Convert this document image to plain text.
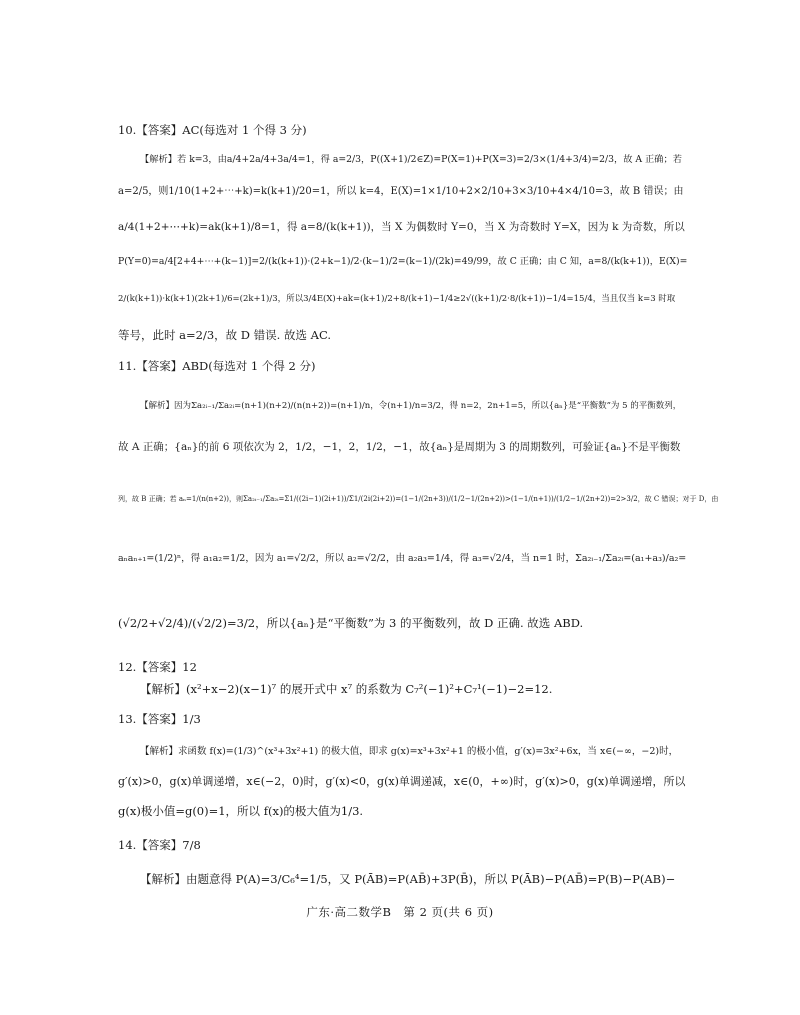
10.【答案】AC(每选对 1 个得 3 分)
【解析】若 k=3，由a/4+2a/4+3a/4=1，得 a=2/3，P((X+1)/2∈Z)=P(X=1)+P(X=3)=2/3×(1/4+3/4)=2/3，故 A 正确；若
a=2/5，则1/10(1+2+⋯+k)=k(k+1)/20=1，所以 k=4，E(X)=1×1/10+2×2/10+3×3/10+4×4/10=3，故 B 错误；由
a/4(1+2+⋯+k)=ak(k+1)/8=1，得 a=8/(k(k+1))，当 X 为偶数时 Y=0，当 X 为奇数时 Y=X，因为 k 为奇数，所以
P(Y=0)=a/4[2+4+⋯+(k−1)]=2/(k(k+1))·(2+k−1)/2·(k−1)/2=(k−1)/(2k)=49/99，故 C 正确；由 C 知，a=8/(k(k+1))，E(X)=
2/(k(k+1))·k(k+1)(2k+1)/6=(2k+1)/3，所以3/4E(X)+ak=(k+1)/2+8/(k+1)−1/4≥2√((k+1)/2·8/(k+1))−1/4=15/4，当且仅当 k=3 时取
等号，此时 a=2/3，故 D 错误. 故选 AC.
11.【答案】ABD(每选对 1 个得 2 分)
【解析】因为Σa₂ᵢ₋₁/Σa₂ᵢ=(n+1)(n+2)/(n(n+2))=(n+1)/n，令(n+1)/n=3/2，得 n=2，2n+1=5，所以{aₙ}是“平衡数”为 5 的平衡数列，
故 A 正确；{aₙ}的前 6 项依次为 2，1/2，−1，2，1/2，−1，故{aₙ}是周期为 3 的周期数列，可验证{aₙ}不是平衡数
列，故 B 正确；若 aₙ=1/(n(n+2))，则Σa₂ᵢ₋₁/Σa₂ᵢ=Σ1/((2i−1)(2i+1))/Σ1/(2i(2i+2))=(1−1/(2n+3))/(1/2−1/(2n+2))>(1−1/(n+1))/(1/2−1/(2n+2))=2>3/2，故 C 错误；对于 D，由
aₙaₙ₊₁=(1/2)ⁿ，得 a₁a₂=1/2，因为 a₁=√2/2，所以 a₂=√2/2，由 a₂a₃=1/4，得 a₃=√2/4，当 n=1 时，Σa₂ᵢ₋₁/Σa₂ᵢ=(a₁+a₃)/a₂=
(√2/2+√2/4)/(√2/2)=3/2，所以{aₙ}是“平衡数”为 3 的平衡数列，故 D 正确. 故选 ABD.
12.【答案】12
【解析】(x²+x−2)(x−1)⁷ 的展开式中 x⁷ 的系数为 C₇²(−1)²+C₇¹(−1)−2=12.
13.【答案】1/3
【解析】求函数 f(x)=(1/3)^(x³+3x²+1) 的极大值，即求 g(x)=x³+3x²+1 的极小值，g′(x)=3x²+6x，当 x∈(−∞，−2)时，
g′(x)>0，g(x)单调递增，x∈(−2，0)时，g′(x)<0，g(x)单调递减，x∈(0，+∞)时，g′(x)>0，g(x)单调递增，所以
g(x)极小值=g(0)=1，所以 f(x)的极大值为1/3.
14.【答案】7/8
【解析】由题意得 P(A)=3/C₆⁴=1/5，又 P(ĀB)=P(AB̄)+3P(B̄)，所以 P(ĀB)−P(AB̄)=P(B)−P(AB)−
广东·高二数学B　第 2 页(共 6 页)
